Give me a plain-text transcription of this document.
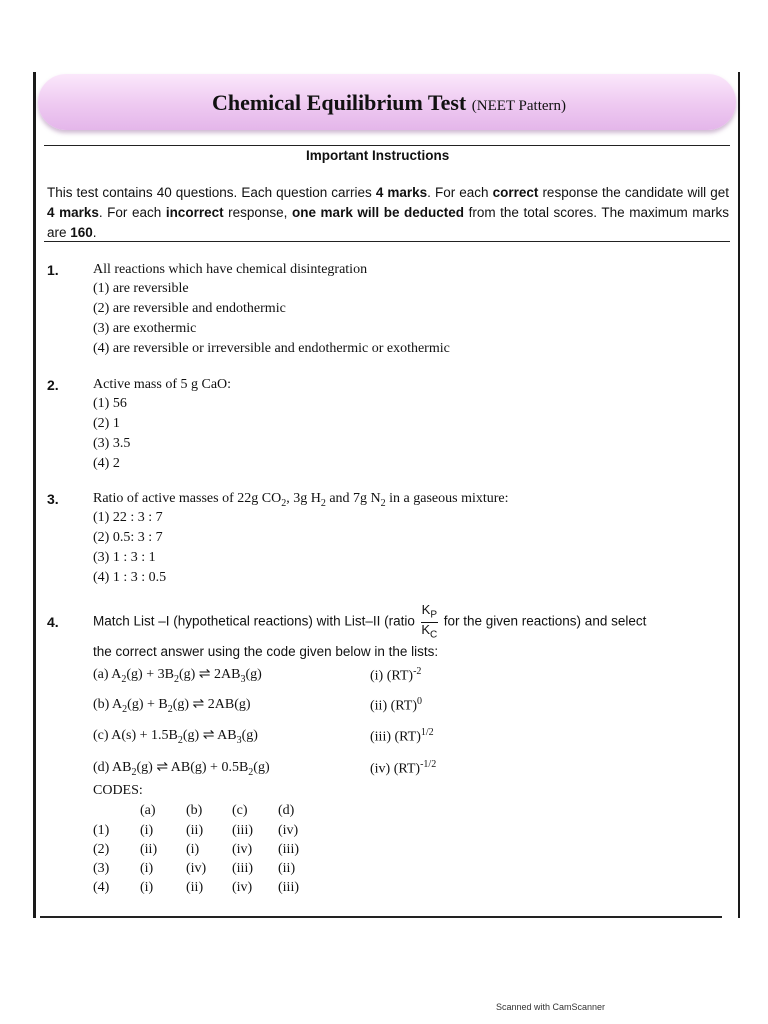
Chemical Equilibrium Test (NEET Pattern)
Important Instructions
This test contains 40 questions. Each question carries 4 marks. For each correct response the candidate will get 4 marks. For each incorrect response, one mark will be deducted from the total scores. The maximum marks are 160.
1. All reactions which have chemical disintegration
(1) are reversible
(2) are reversible and endothermic
(3) are exothermic
(4) are reversible or irreversible and endothermic or exothermic
2. Active mass of 5 g CaO:
(1) 56
(2) 1
(3) 3.5
(4) 2
3. Ratio of active masses of 22g $CO_2$, 3g $H_2$ and 7g $N_2$ in a gaseous mixture:
(1) 22 : 3 : 7
(2) 0.5: 3 : 7
(3) 1 : 3 : 1
(4) 1 : 3 : 0.5
4.	Match List –I (hypothetical reactions) with List–II (ratio $\frac{K_P}{K_C}$ for the given reactions) and select
the correct answer using the code given below in the lists:
(a) $A_2(g) + 3B_2(g)$ ⇌ $2AB_3(g)$
(b) $A_2(g) + B_2(g)$ ⇌ 2AB(g)
(c) $A(s) + 1.5B_2(g)$ ⇌ $AB_3(g)$
(d) $AB_2(g)$ ⇌ $AB(g) + 0.5B_2(g)$
(i) (RT)$^{-2}$
(ii) (RT)$^0$
(iii) (RT)$^{1/2}$
(iv) (RT)$^{-1/2}$
CODES:
(a) (b) (c) (d)
(1) (i) (ii) (iii) (iv)
(2) (ii) (i) (iv) (iii)
(3) (i) (iv) (iii) (ii)
(4) (i) (ii) (iv) (iii)
Scanned with CamScanner
